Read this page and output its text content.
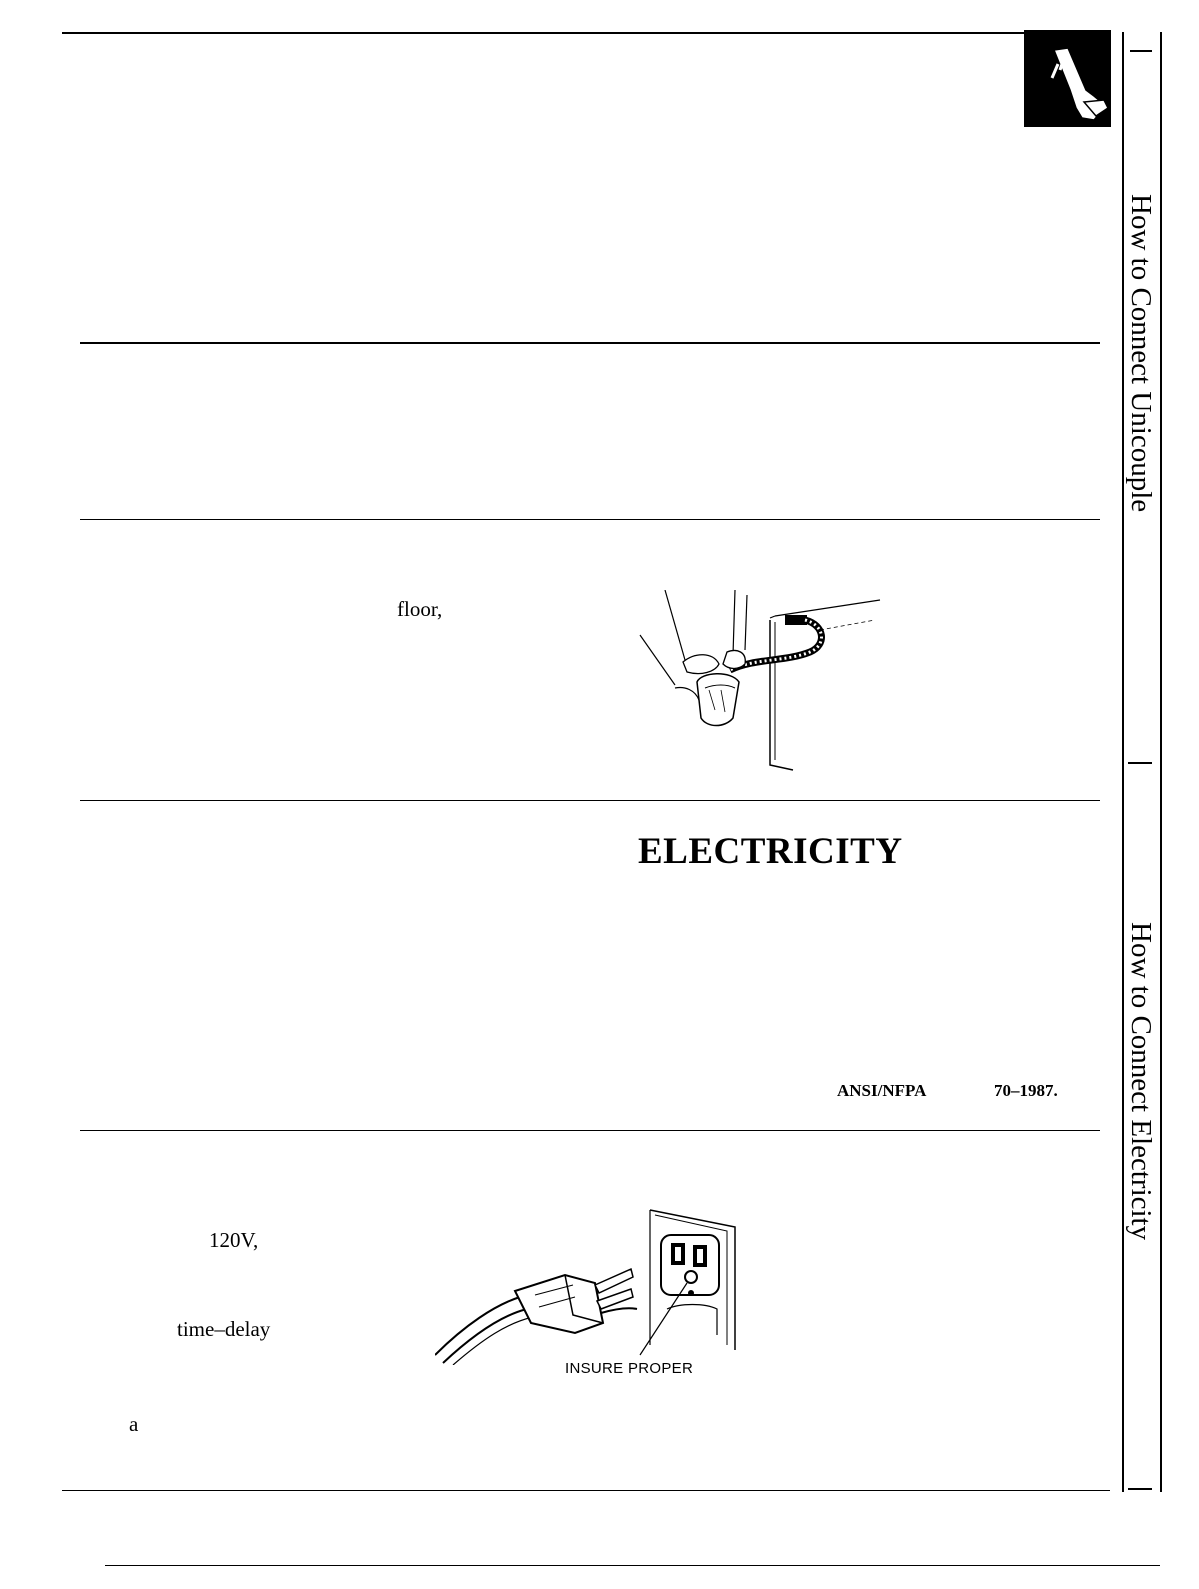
floor,
ELECTRICITY
ANSI/NFPA	70–1987.
120V,
time–delay
a
INSURE PROPER
How to Connect Unicouple
How to Connect Electricity
